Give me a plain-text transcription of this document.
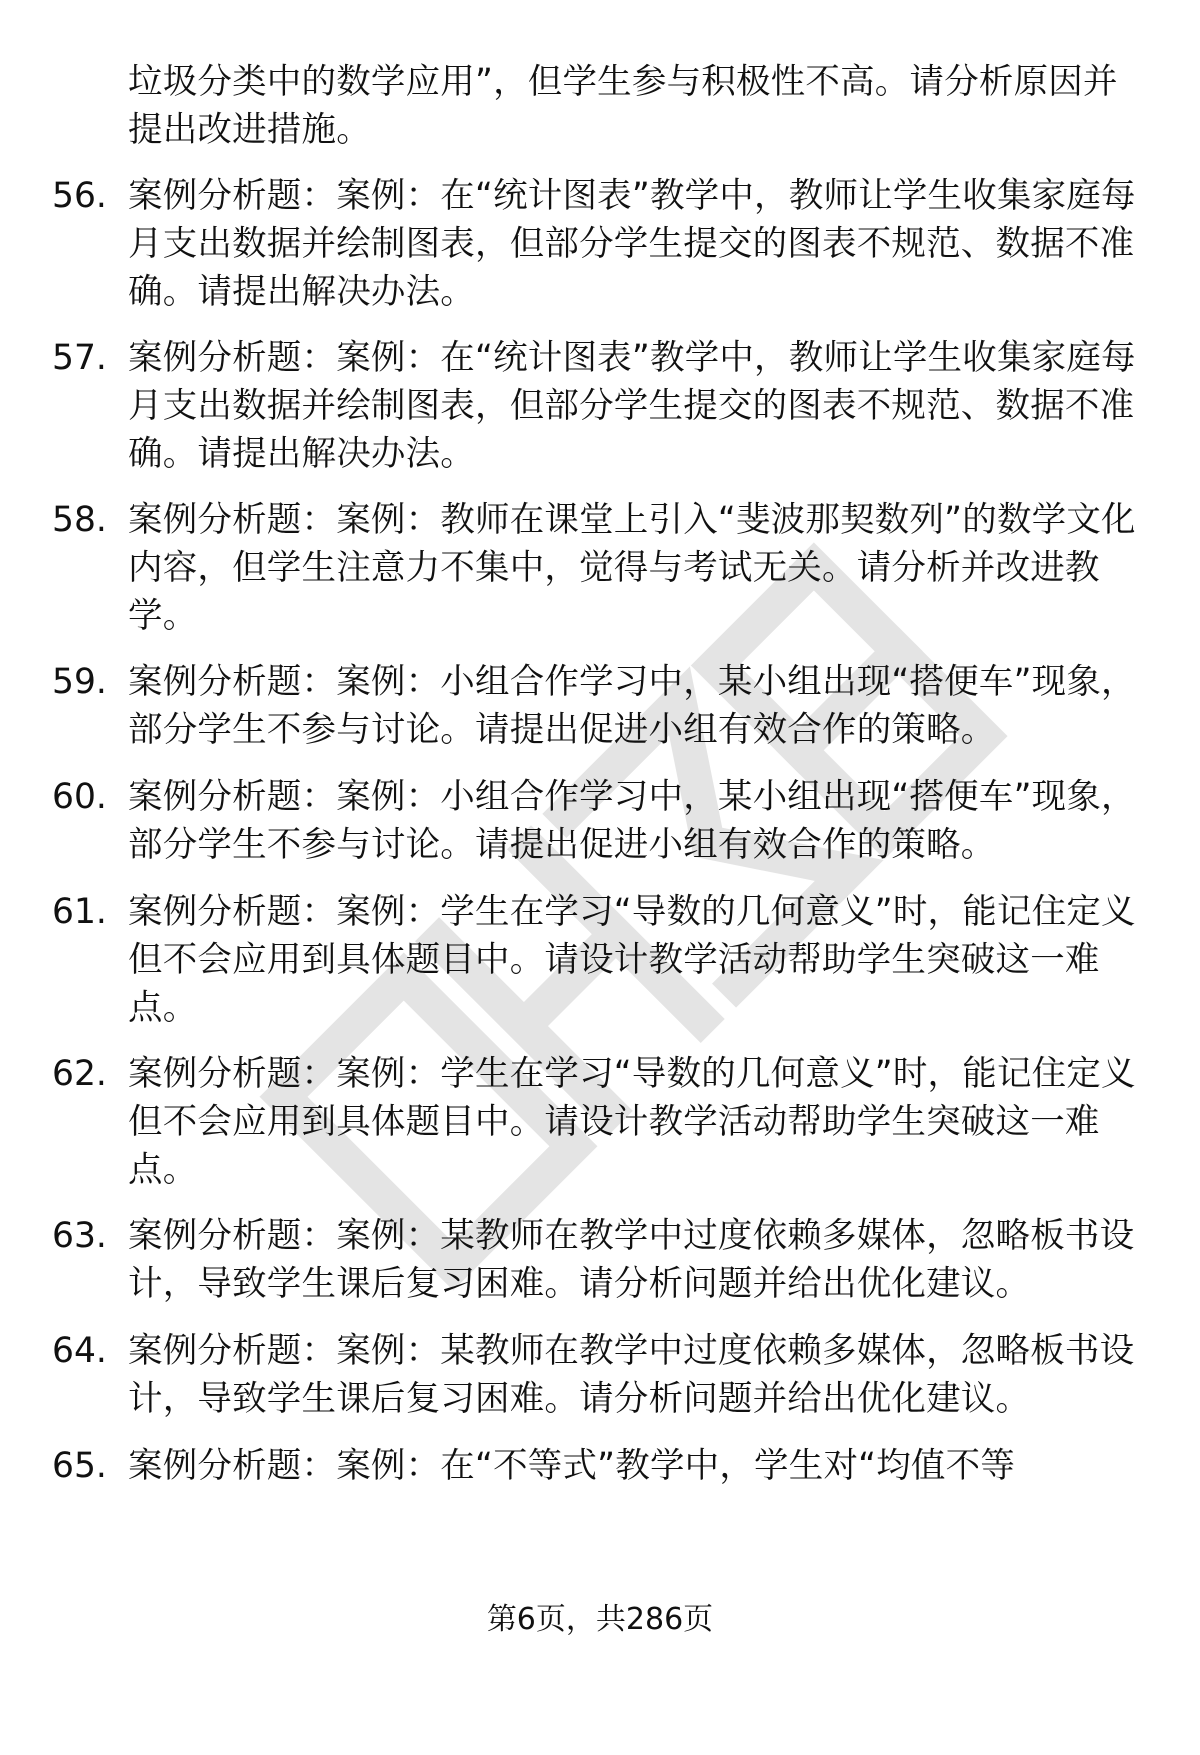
垃圾分类中的数学应用”，但学生参与积极性不高。请分析原因并提出改进措施。
56. 案例分析题：案例：在“统计图表”教学中，教师让学生收集家庭每月支出数据并绘制图表，但部分学生提交的图表不规范、数据不准确。请提出解决办法。
57. 案例分析题：案例：在“统计图表”教学中，教师让学生收集家庭每月支出数据并绘制图表，但部分学生提交的图表不规范、数据不准确。请提出解决办法。
58. 案例分析题：案例：教师在课堂上引入“斐波那契数列”的数学文化内容，但学生注意力不集中，觉得与考试无关。请分析并改进教学。
59. 案例分析题：案例：小组合作学习中，某小组出现“搭便车”现象，部分学生不参与讨论。请提出促进小组有效合作的策略。
60. 案例分析题：案例：小组合作学习中，某小组出现“搭便车”现象，部分学生不参与讨论。请提出促进小组有效合作的策略。
61. 案例分析题：案例：学生在学习“导数的几何意义”时，能记住定义但不会应用到具体题目中。请设计教学活动帮助学生突破这一难点。
62. 案例分析题：案例：学生在学习“导数的几何意义”时，能记住定义但不会应用到具体题目中。请设计教学活动帮助学生突破这一难点。
63. 案例分析题：案例：某教师在教学中过度依赖多媒体，忽略板书设计，导致学生课后复习困难。请分析问题并给出优化建议。
64. 案例分析题：案例：某教师在教学中过度依赖多媒体，忽略板书设计，导致学生课后复习困难。请分析问题并给出优化建议。
65. 案例分析题：案例：在“不等式”教学中，学生对“均值不等
第6页，共286页
